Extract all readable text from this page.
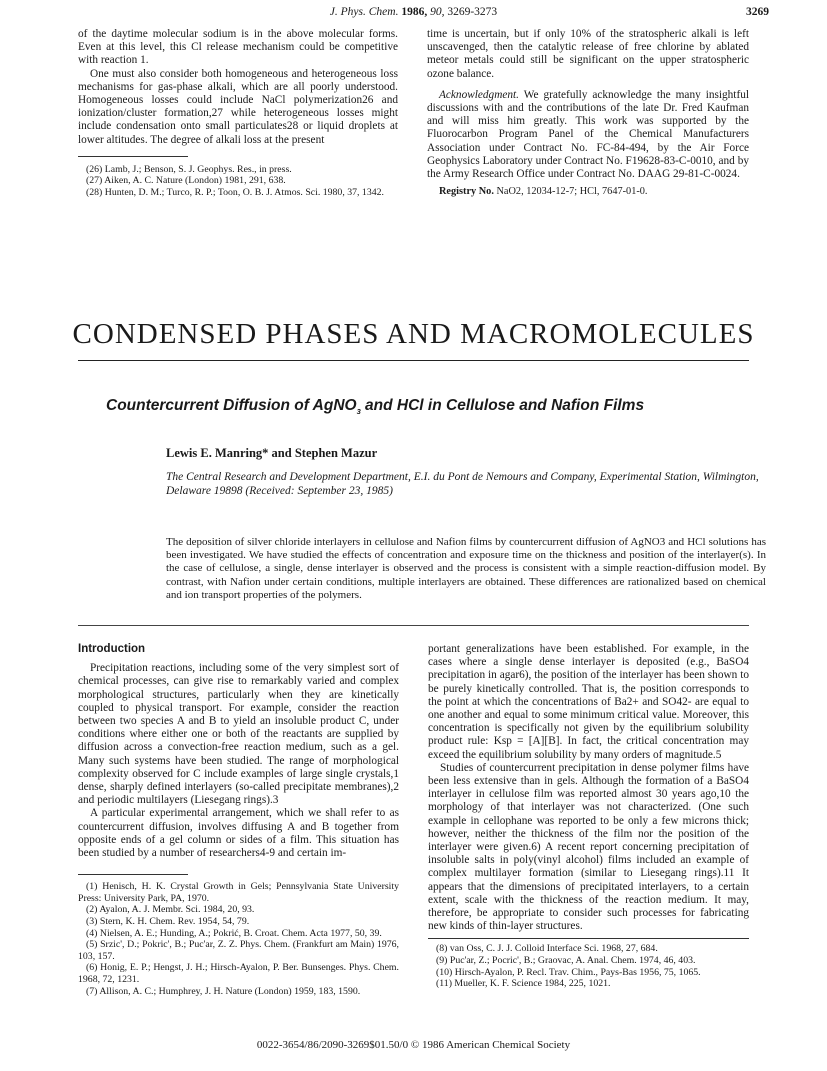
J. Phys. Chem. 1986, 90, 3269-3273	3269

of the daytime molecular sodium is in the above molecular forms. Even at this level, this Cl release mechanism could be competitive with reaction 1.

One must also consider both homogeneous and heterogeneous loss mechanisms for gas-phase alkali, which are all poorly understood. Homogeneous losses could include NaCl polymerization26 and ionization/cluster formation,27 while heterogeneous losses might include condensation onto small particulates28 or liquid droplets at lower altitudes. The degree of alkali loss at the present

(26) Lamb, J.; Benson, S. J. Geophys. Res., in press.
(27) Aiken, A. C. Nature (London) 1981, 291, 638.
(28) Hunten, D. M.; Turco, R. P.; Toon, O. B. J. Atmos. Sci. 1980, 37, 1342.

time is uncertain, but if only 10% of the stratospheric alkali is left unscavenged, then the catalytic release of free chlorine by ablated meteor metals could still be significant on the upper stratospheric ozone balance.

Acknowledgment. We gratefully acknowledge the many insightful discussions with and the contributions of the late Dr. Fred Kaufman and will miss him greatly. This work was supported by the Fluorocarbon Program Panel of the Chemical Manufacturers Association under Contract No. FC-84-494, by the Air Force Geophysics Laboratory under Contract No. F19628-83-C-0010, and by the Army Research Office under Contract No. DAAG 29-81-C-0024.

Registry No. NaO2, 12034-12-7; HCl, 7647-01-0.

CONDENSED PHASES AND MACROMOLECULES
Countercurrent Diffusion of AgNO$_3$ and HCl in Cellulose and Nafion Films
Lewis E. Manring* and Stephen Mazur
The Central Research and Development Department, E.I. du Pont de Nemours and Company, Experimental Station, Wilmington, Delaware 19898 (Received: September 23, 1985)
The deposition of silver chloride interlayers in cellulose and Nafion films by countercurrent diffusion of AgNO3 and HCl solutions has been investigated. We have studied the effects of concentration and exposure time on the thickness and position of the interlayer(s). In the case of cellulose, a single, dense interlayer is observed and the process is consistent with a simple reaction-diffusion model. By contrast, with Nafion under certain conditions, multiple interlayers are obtained. These differences are rationalized based on chemical and ion transport properties of the polymers.
Introduction

Precipitation reactions, including some of the very simplest sort of chemical processes, can give rise to remarkably varied and complex morphological structures, particularly when they are kinetically coupled to physical transport. For example, consider the reaction between two species A and B to yield an insoluble product C, under conditions where either one or both of the reactants are supplied by diffusion across a convection-free reaction medium, such as a gel. Many such systems have been studied. The range of morphological complexity observed for C include examples of large single crystals,1 dense, sharply defined interlayers (so-called precipitate membranes),2 and periodic multilayers (Liesegang rings).3

A particular experimental arrangement, which we shall refer to as countercurrent diffusion, involves diffusing A and B together from opposite ends of a gel column or sides of a film. This situation has been studied by a number of researchers4-9 and certain im-

(1) Henisch, H. K. Crystal Growth in Gels; Pennsylvania State University Press: University Park, PA, 1970.
(2) Ayalon, A. J. Membr. Sci. 1984, 20, 93.
(3) Stern, K. H. Chem. Rev. 1954, 54, 79.
(4) Nielsen, A. E.; Hunding, A.; Pokrić, B. Croat. Chem. Acta 1977, 50, 39.
(5) Srzic', D.; Pokric', B.; Puc'ar, Z. Z. Phys. Chem. (Frankfurt am Main) 1976, 103, 157.
(6) Honig, E. P.; Hengst, J. H.; Hirsch-Ayalon, P. Ber. Bunsenges. Phys. Chem. 1968, 72, 1231.
(7) Allison, A. C.; Humphrey, J. H. Nature (London) 1959, 183, 1590.

portant generalizations have been established. For example, in the cases where a single dense interlayer is deposited (e.g., BaSO4 precipitation in agar6), the position of the interlayer has been shown to be purely kinetically controlled. That is, the position corresponds to the point at which the concentrations of Ba2+ and SO42- are equal to one another and equal to some minimum critical value. Moreover, this concentration is specifically not given by the equilibrium solubility product rule: Ksp = [A][B]. In fact, the critical concentration may exceed the equilibrium solubility by many orders of magnitude.5

Studies of countercurrent precipitation in dense polymer films have been less extensive than in gels. Although the formation of a BaSO4 interlayer in cellulose film was reported almost 30 years ago,10 the morphology of that interlayer was not characterized. (One such example in cellophane was reported to be only a few microns thick; however, neither the thickness of the film nor the position of the interlayer were given.6) A recent report concerning precipitation of insoluble salts in poly(vinyl alcohol) films included an example of complex multilayer formation (similar to Liesegang rings).11 It appears that the dimensions of precipitated interlayers, to a certain extent, scale with the thickness of the reaction medium. It may, therefore, be appropriate to consider such processes for fabricating new kinds of thin-layer structures.

(8) van Oss, C. J. J. Colloid Interface Sci. 1968, 27, 684.
(9) Puc'ar, Z.; Pocric', B.; Graovac, A. Anal. Chem. 1974, 46, 403.
(10) Hirsch-Ayalon, P. Recl. Trav. Chim., Pays-Bas 1956, 75, 1065.
(11) Mueller, K. F. Science 1984, 225, 1021.
0022-3654/86/2090-3269$01.50/0 © 1986 American Chemical Society
